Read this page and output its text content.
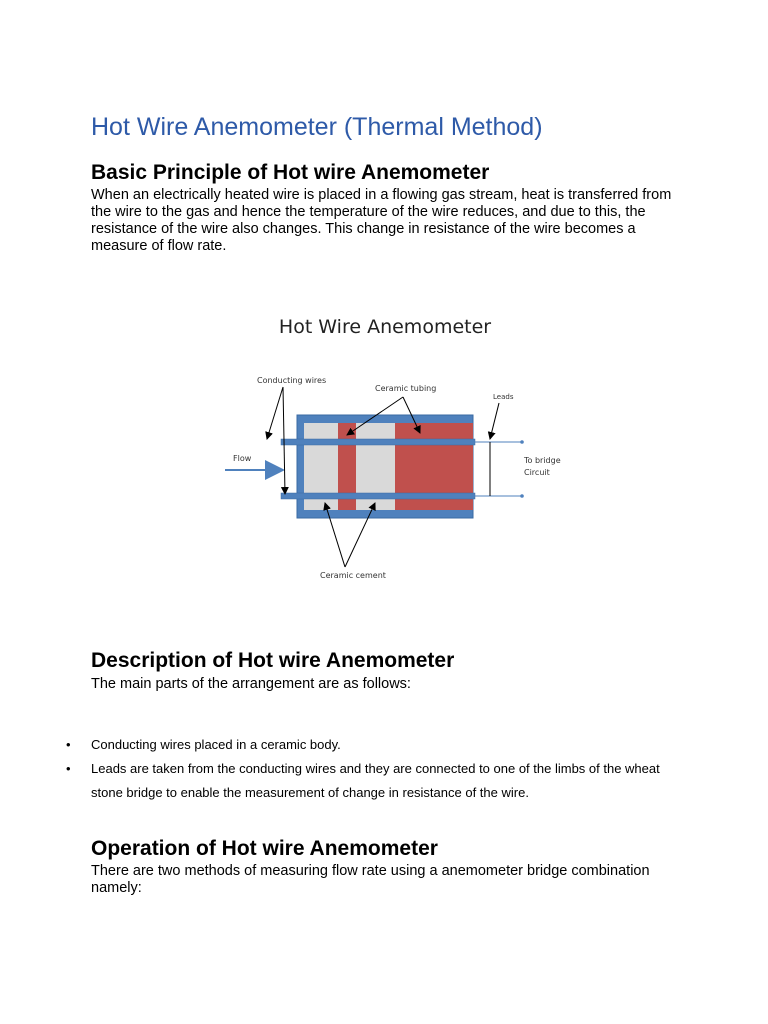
Hot Wire Anemometer (Thermal Method)
Basic Principle of Hot wire Anemometer

When an electrically heated wire is placed in a flowing gas stream, heat is transferred from the wire to the gas and hence the temperature of the wire reduces, and due to this, the resistance of the wire also changes. This change in resistance of the wire becomes a measure of flow rate.

Hot Wire Anemometer
Flow
Conducting wires
Ceramic tubing
Leads
To bridge
Circuit
Ceramic cement
Description of Hot wire Anemometer

The main parts of the arrangement are as follows:

• Conducting wires placed in a ceramic body.
• Leads are taken from the conducting wires and they are connected to one of the limbs of the wheat stone bridge to enable the measurement of change in resistance of the wire.
Operation of Hot wire Anemometer

There are two methods of measuring flow rate using a anemometer bridge combination namely:
